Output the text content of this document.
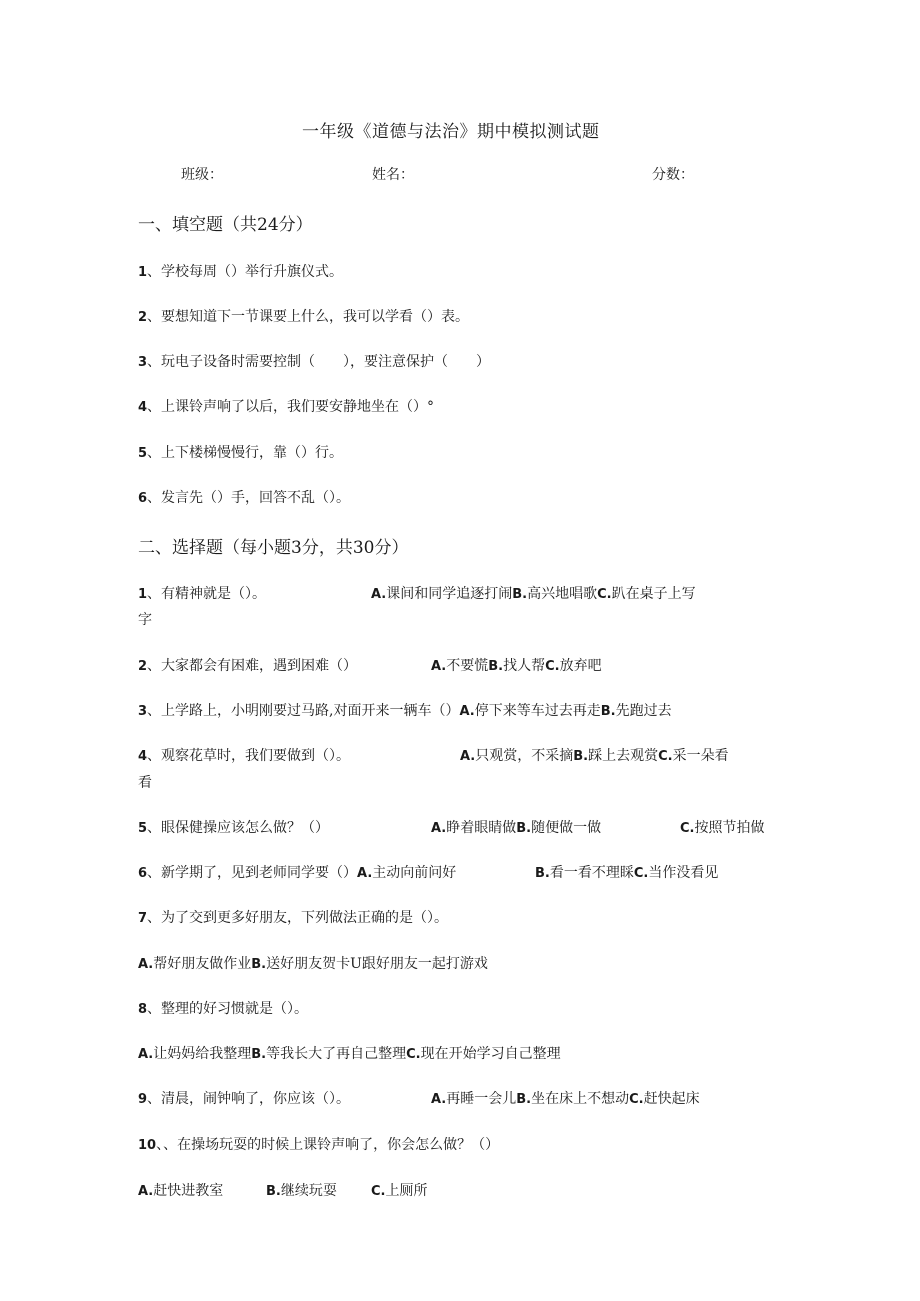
一年级《道德与法治》期中模拟测试题
班级：	姓名：	分数：
一、填空题（共24分）
1、学校每周（）举行升旗仪式。
2、要想知道下一节课要上什么，我可以学看（）表。
3、玩电子设备时需要控制（　　），要注意保护（　　）
4、上课铃声响了以后，我们要安静地坐在（）°
5、上下楼梯慢慢行，靠（）行。
6、发言先（）手，回答不乱（）。
二、选择题（每小题3分，共30分）
1、有精神就是（）。	A.课间和同学追逐打闹B.高兴地唱歌C.趴在桌子上写
字
2、大家都会有困难，遇到困难（）	A.不要慌B.找人帮C.放弃吧
3、上学路上，小明刚要过马路,对面开来一辆车（）A.停下来等车过去再走B.先跑过去
4、观察花草时，我们要做到（）。	A.只观赏，不采摘B.踩上去观赏C.采一朵看
看
5、眼保健操应该怎么做？（）	A.睁着眼睛做B.随便做一做	C.按照节拍做
6、新学期了，见到老师同学要（）A.主动向前问好	B.看一看不理睬C.当作没看见
7、为了交到更多好朋友，下列做法正确的是（）。
A.帮好朋友做作业B.送好朋友贺卡U跟好朋友一起打游戏
8、整理的好习惯就是（）。
A.让妈妈给我整理B.等我长大了再自己整理C.现在开始学习自己整理
9、清晨，闹钟响了，你应该（）。	A.再睡一会儿B.坐在床上不想动C.赶快起床
10、、在操场玩耍的时候上课铃声响了，你会怎么做？（）
A.赶快进教室	B.继续玩耍	C.上厕所
